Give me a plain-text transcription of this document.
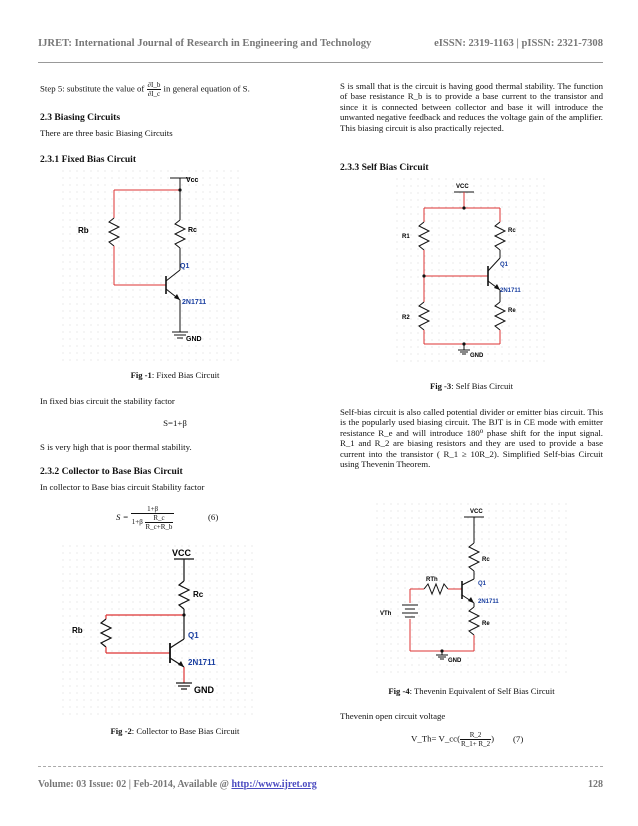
IJRET: International Journal of Research in Engineering and Technology	eISSN: 2319-1163 | pISSN: 2321-7308
Step 5: substitute the value of $\frac{\partial I\_b}{\partial I\_c}$ in general equation of S.
2.3 Biasing Circuits
There are three basic Biasing Circuits
2.3.1 Fixed Bias Circuit
Vcc
Rb	Rc
Q1
2N1711
GND
Fig -1: Fixed Bias Circuit
In fixed bias circuit the stability factor
S=1+β
S is very high that is poor thermal stability.
2.3.2 Collector to Base Bias Circuit
In collector to Base bias circuit Stability factor
$S = \frac{1+\beta}{1+\beta \frac{R\_c}{R\_c+R\_b}}$	(6)
VCC
Rb
Rc
Q1
2N1711
GND
Fig -2: Collector to Base Bias Circuit
S is small that is the circuit is having good thermal stability. The function of base resistance R_b is to provide a base current to the transistor and since it is connected between collector and base it will introduce the unwanted negative feedback and reduces the voltage gain of the amplifier. This biasing circuit is also practically rejected.
2.3.3 Self Bias Circuit
VCC
R1
R2
Rc
Re
Q1
2N1711
GND
Fig -3: Self Bias Circuit
Self-bias circuit is also called potential divider or emitter bias circuit. This is the popularly used biasing circuit. The BJT is in CE mode with emitter resistance R_e and will introduce 180⁰ phase shift for the input signal. R_1 and R_2 are biasing resistors and they are used to provide a base current into the transistor ( R_1 ≥ 10R_2). Simplified Self-bias Circuit using Thevenin Theorem.
VCC
RTh
VTh
Rc
Re
Q1
2N1711
GND
Fig -4: Thevenin Equivalent of Self Bias Circuit
Thevenin open circuit voltage
V_Th= V_cc( $\frac{R\_2}{R\_1+ R\_2}$ ) (7)
Volume: 03 Issue: 02 | Feb-2014, Available @ http://www.ijret.org	128
